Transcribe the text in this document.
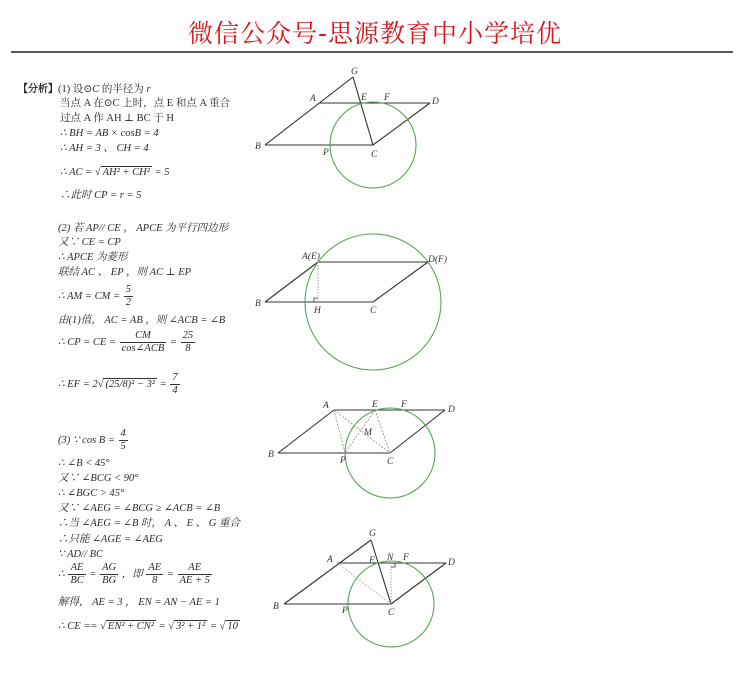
微信公众号-思源教育中小学培优
【分析】(1) 设⊙C 的半径为 r
当点 A 在⊙C 上时，点 E 和点 A 重合
过点 A 作 AH ⊥ BC 于 H
∴ BH = AB × cosB = 4
∴ AH = 3 、 CH = 4
∴ AC = √ AH² + CH² = 5
∴此时 CP = r = 5
(2) 若 AP// CE ， APCE 为平行四边形
又∵ CE = CP
∴ APCE 为菱形
联结 AC 、 EP ，则 AC ⊥ EP
∴ AM = CM = $\frac{5}{2}$
由(1)值， AC = AB ，则 ∠ACB = ∠B
∴ CP = CE = $\frac{CM}{\text{cos∠ACB}} = \frac{25}{8}$
∴ EF = 2√ $(25/8)^2 - 3^2 = \frac{7}{4}$
(3) ∵ $\cos B = \frac{4}{5}$
∴ ∠B < 45°
又∵ ∠BCG < 90°
∴ ∠BGC > 45°
又∵ ∠AEG = ∠BCG ≥ ∠ACB = ∠B
∴当 ∠AEG = ∠B 时， A 、 E 、 G 重合
∴只能 ∠AGE = ∠AEG
∵ AD// BC
∴ $\frac{AE}{BC} = \frac{AG}{BG}$ ，即 $\frac{AE}{8} = \frac{AE}{AE + 5}$
解得， AE = 3 ， EN = AN − AE = 1
∴ CE == √ EN² + CN² = √ 3² + 1² = √ 10
G
A	E F	D
B
P	C
A(E)	D(F)
B
H	C
A	E F	D
M
B
P	C
G
A	E N F	D
B	P	C
